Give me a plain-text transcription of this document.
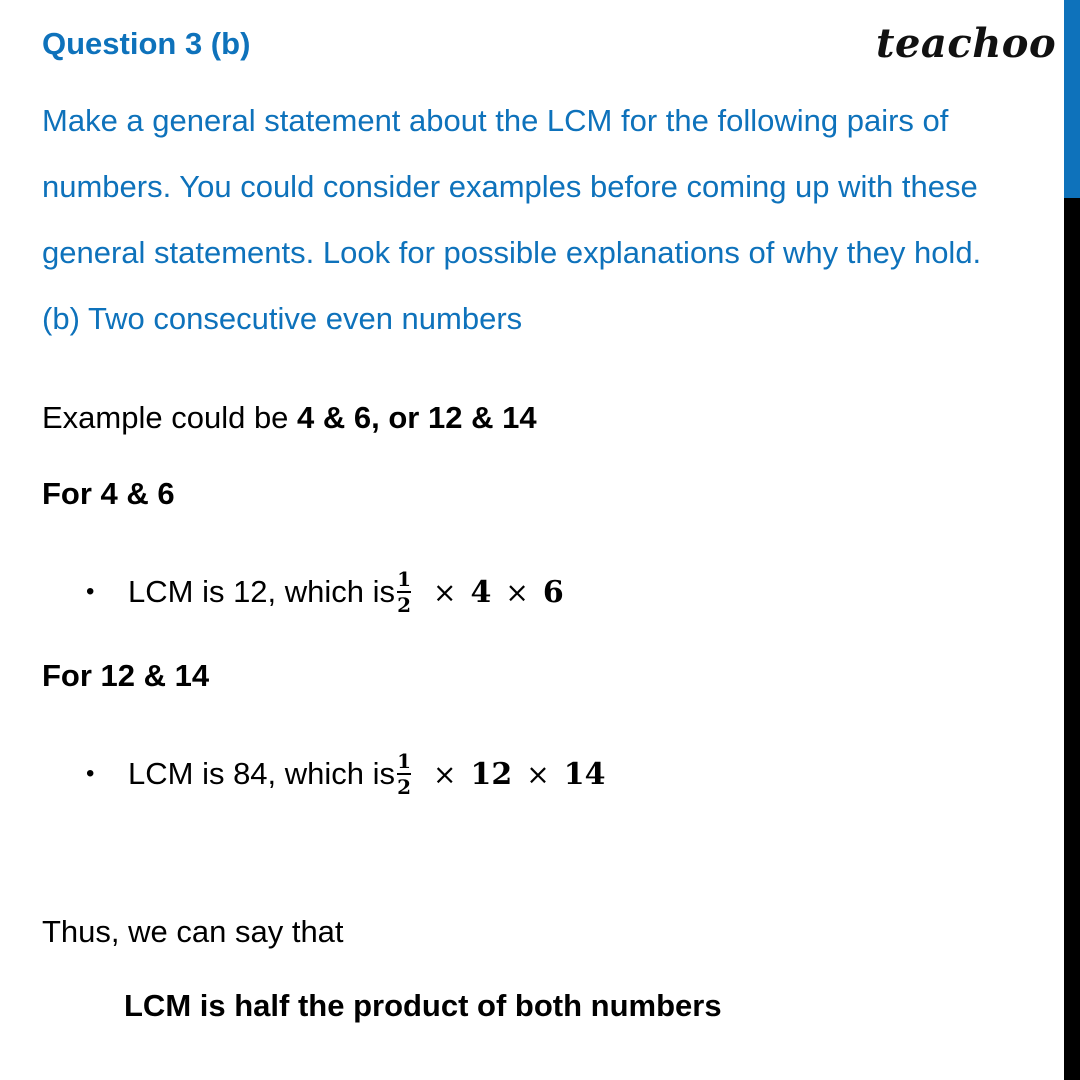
Question 3 (b)	teachoo
Make a general statement about the LCM for the following pairs of
numbers. You could consider examples before coming up with these
general statements. Look for possible explanations of why they hold.
(b) Two consecutive even numbers
Example could be 4 & 6, or 12 & 14
For 4 & 6
•	LCM is 12, which is $\frac{1}{2} \times 4 \times 6$
For 12 & 14
•	LCM is 84, which is $\frac{1}{2} \times 12 \times 14$
Thus, we can say that
LCM is half the product of both numbers
